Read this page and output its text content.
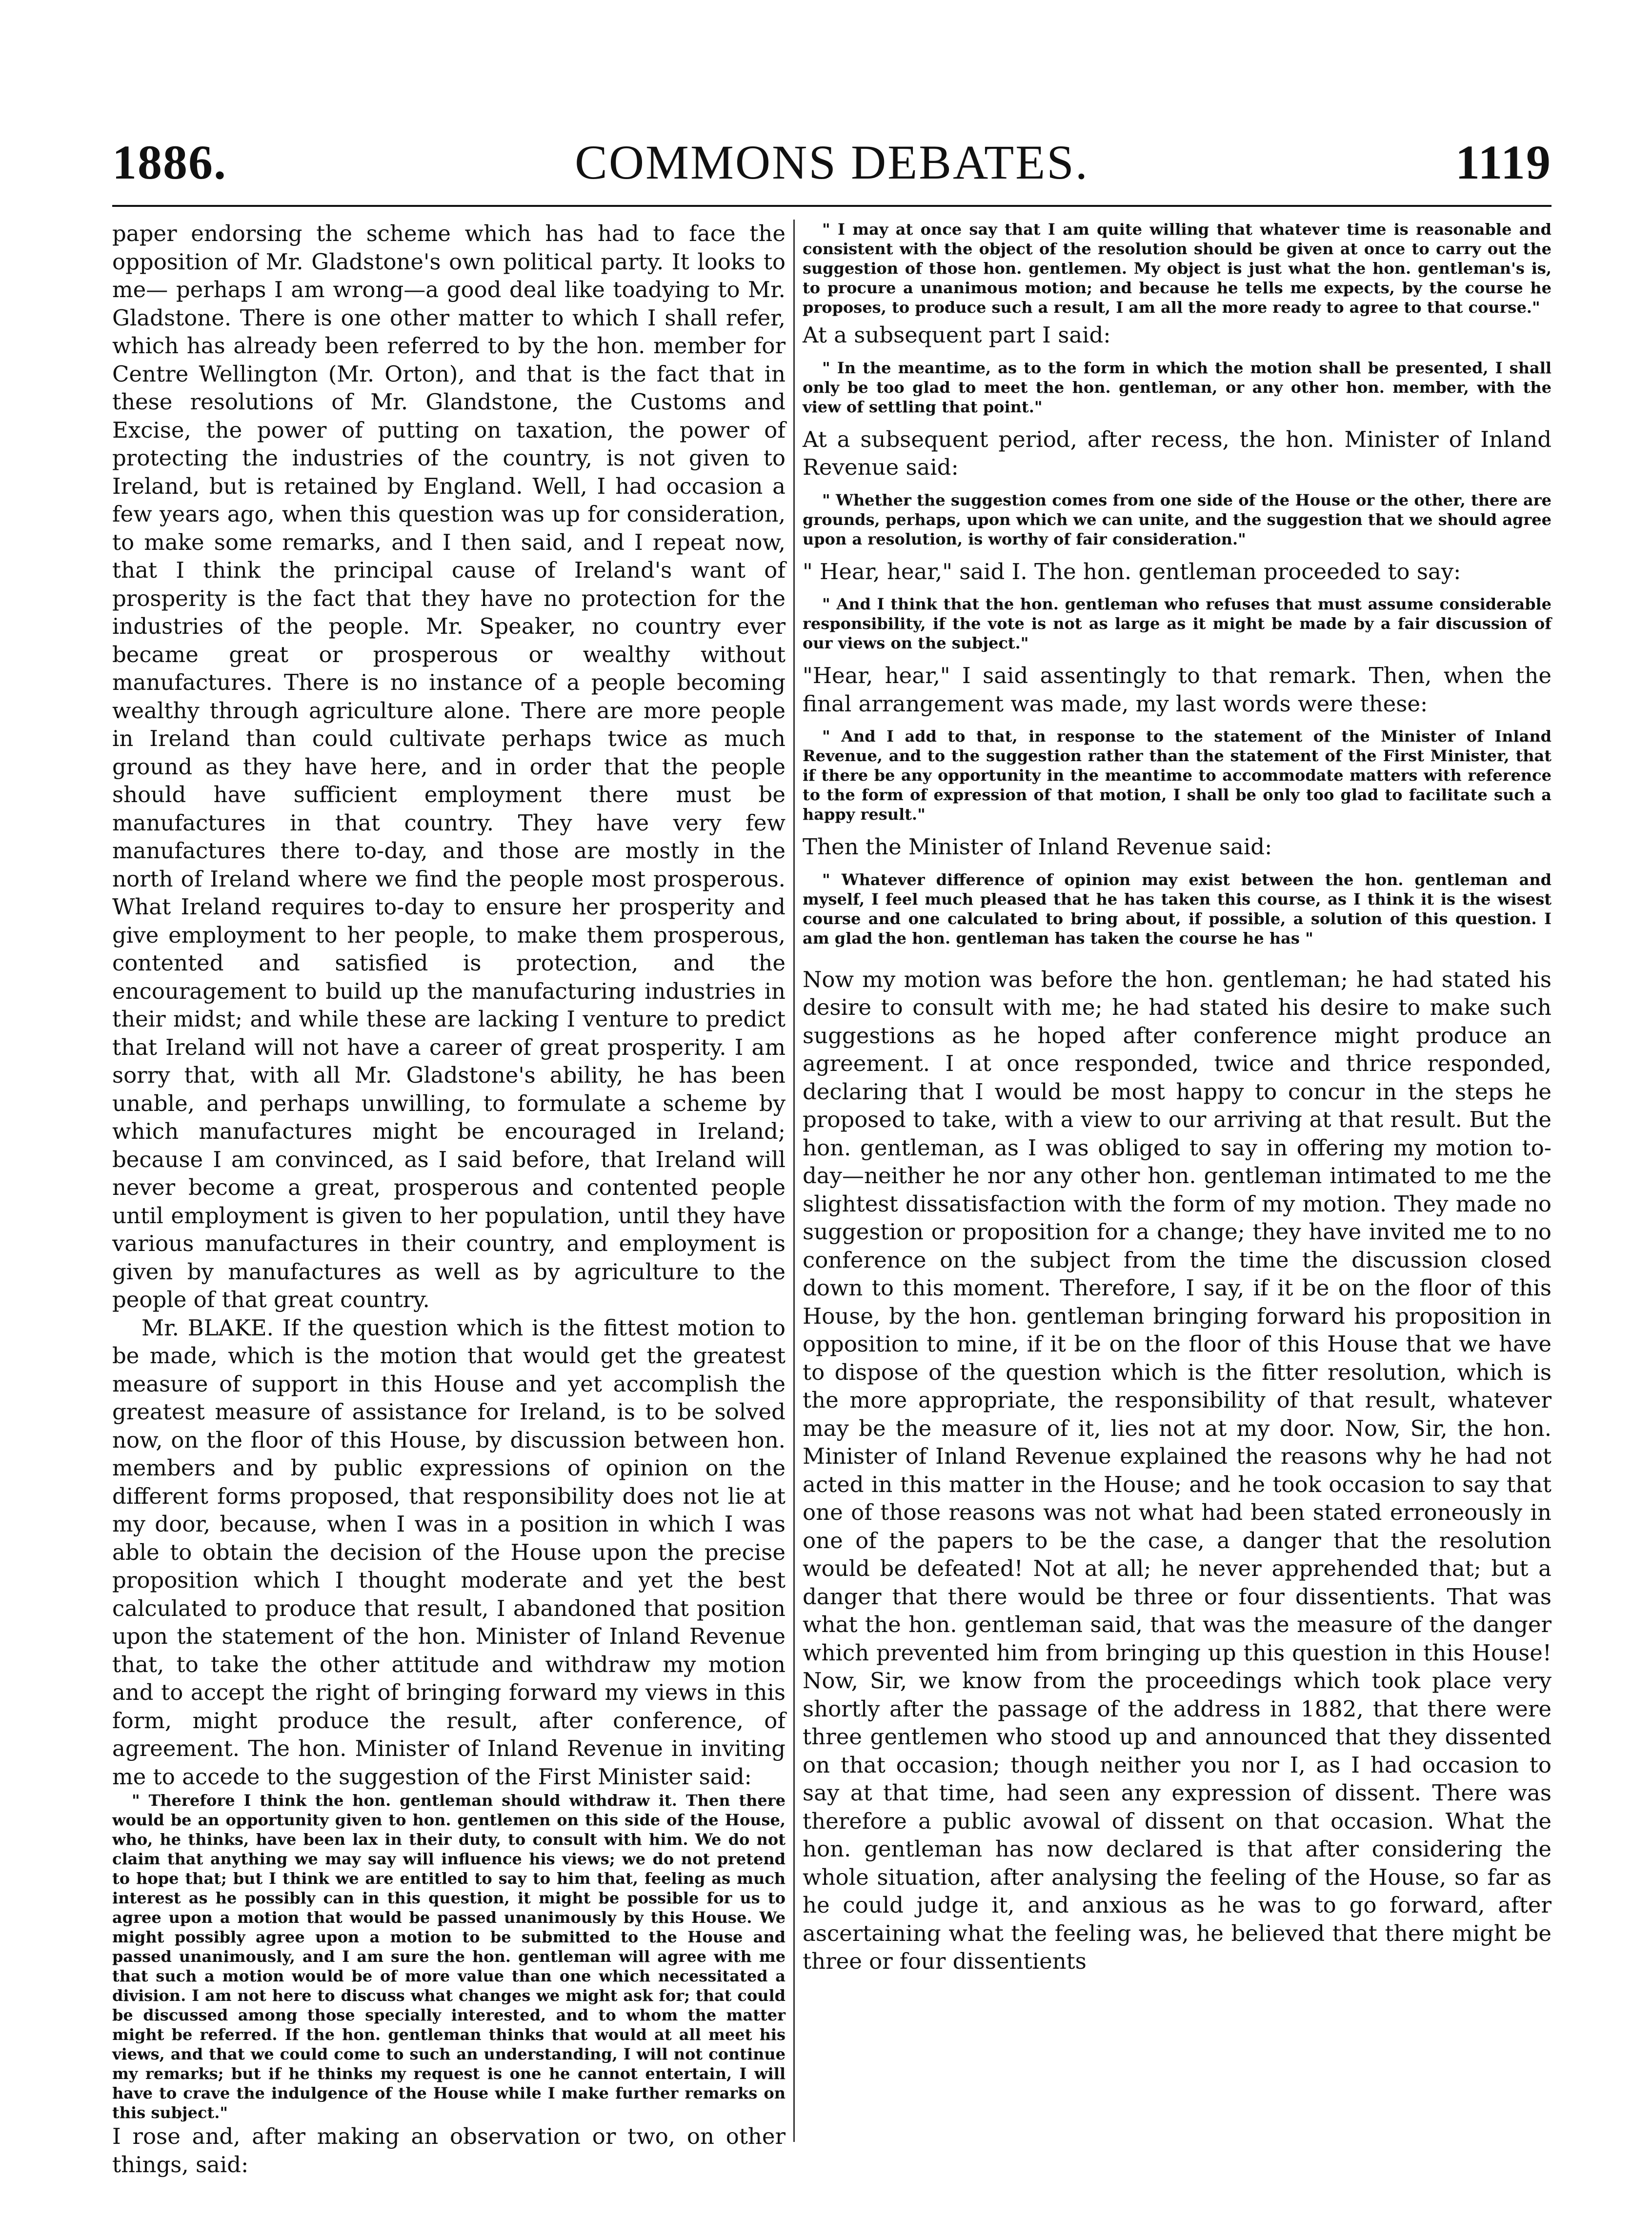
1886.	COMMONS DEBATES.	1119

paper endorsing the scheme which has had to face the opposition of Mr. Gladstone's own political party. It looks to me— perhaps I am wrong—a good deal like toadying to Mr. Gladstone. There is one other matter to which I shall refer, which has already been referred to by the hon. member for Centre Wellington (Mr. Orton), and that is the fact that in these resolutions of Mr. Glandstone, the Customs and Excise, the power of putting on taxation, the power of protecting the industries of the country, is not given to Ireland, but is retained by England. Well, I had occasion a few years ago, when this question was up for consideration, to make some remarks, and I then said, and I repeat now, that I think the principal cause of Ireland's want of prosperity is the fact that they have no protection for the industries of the people. Mr. Speaker, no country ever became great or prosperous or wealthy without manufactures. There is no instance of a people becoming wealthy through agriculture alone. There are more people in Ireland than could cultivate perhaps twice as much ground as they have here, and in order that the people should have sufficient employment there must be manufactures in that country. They have very few manufactures there to-day, and those are mostly in the north of Ireland where we find the people most prosperous. What Ireland requires to-day to ensure her prosperity and give employment to her people, to make them prosperous, contented and satisfied is protection, and the encouragement to build up the manufacturing industries in their midst; and while these are lacking I venture to predict that Ireland will not have a career of great prosperity. I am sorry that, with all Mr. Gladstone's ability, he has been unable, and perhaps unwilling, to formulate a scheme by which manufactures might be encouraged in Ireland; because I am convinced, as I said before, that Ireland will never become a great, prosperous and contented people until employment is given to her population, until they have various manufactures in their country, and employment is given by manufactures as well as by agriculture to the people of that great country.

Mr. BLAKE. If the question which is the fittest motion to be made, which is the motion that would get the greatest measure of support in this House and yet accomplish the greatest measure of assistance for Ireland, is to be solved now, on the floor of this House, by discussion between hon. members and by public expressions of opinion on the different forms proposed, that responsibility does not lie at my door, because, when I was in a position in which I was able to obtain the decision of the House upon the precise proposition which I thought moderate and yet the best calculated to produce that result, I abandoned that position upon the statement of the hon. Minister of Inland Revenue that, to take the other attitude and withdraw my motion and to accept the right of bringing forward my views in this form, might produce the result, after conference, of agreement. The hon. Minister of Inland Revenue in inviting me to accede to the suggestion of the First Minister said:

" Therefore I think the hon. gentleman should withdraw it. Then there would be an opportunity given to hon. gentlemen on this side of the House, who, he thinks, have been lax in their duty, to consult with him. We do not claim that anything we may say will influence his views; we do not pretend to hope that; but I think we are entitled to say to him that, feeling as much interest as he possibly can in this question, it might be possible for us to agree upon a motion that would be passed unanimously by this House. We might possibly agree upon a motion to be submitted to the House and passed unanimously, and I am sure the hon. gentleman will agree with me that such a motion would be of more value than one which necessitated a division. I am not here to discuss what changes we might ask for; that could be discussed among those specially interested, and to whom the matter might be referred. If the hon. gentleman thinks that would at all meet his views, and that we could come to such an understanding, I will not continue my remarks; but if he thinks my request is one he cannot entertain, I will have to crave the indulgence of the House while I make further remarks on this subject."

I rose and, after making an observation or two, on other things, said:

" I may at once say that I am quite willing that whatever time is reasonable and consistent with the object of the resolution should be given at once to carry out the suggestion of those hon. gentlemen. My object is just what the hon. gentleman's is, to procure a unanimous motion; and because he tells me expects, by the course he proposes, to produce such a result, I am all the more ready to agree to that course."

At a subsequent part I said:

" In the meantime, as to the form in which the motion shall be presented, I shall only be too glad to meet the hon. gentleman, or any other hon. member, with the view of settling that point."

At a subsequent period, after recess, the hon. Minister of Inland Revenue said:

" Whether the suggestion comes from one side of the House or the other, there are grounds, perhaps, upon which we can unite, and the suggestion that we should agree upon a resolution, is worthy of fair consideration."

" Hear, hear," said I. The hon. gentleman proceeded to say:

" And I think that the hon. gentleman who refuses that must assume considerable responsibility, if the vote is not as large as it might be made by a fair discussion of our views on the subject."

"Hear, hear," I said assentingly to that remark. Then, when the final arrangement was made, my last words were these:

" And I add to that, in response to the statement of the Minister of Inland Revenue, and to the suggestion rather than the statement of the First Minister, that if there be any opportunity in the meantime to accommodate matters with reference to the form of expression of that motion, I shall be only too glad to facilitate such a happy result."

Then the Minister of Inland Revenue said:

" Whatever difference of opinion may exist between the hon. gentleman and myself, I feel much pleased that he has taken this course, as I think it is the wisest course and one calculated to bring about, if possible, a solution of this question. I am glad the hon. gentleman has taken the course he has "

Now my motion was before the hon. gentleman; he had stated his desire to consult with me; he had stated his desire to make such suggestions as he hoped after conference might produce an agreement. I at once responded, twice and thrice responded, declaring that I would be most happy to concur in the steps he proposed to take, with a view to our arriving at that result. But the hon. gentleman, as I was obliged to say in offering my motion to-day—neither he nor any other hon. gentleman intimated to me the slightest dissatisfaction with the form of my motion. They made no suggestion or proposition for a change; they have invited me to no conference on the subject from the time the discussion closed down to this moment. Therefore, I say, if it be on the floor of this House, by the hon. gentleman bringing forward his proposition in opposition to mine, if it be on the floor of this House that we have to dispose of the question which is the fitter resolution, which is the more appropriate, the responsibility of that result, whatever may be the measure of it, lies not at my door. Now, Sir, the hon. Minister of Inland Revenue explained the reasons why he had not acted in this matter in the House; and he took occasion to say that one of those reasons was not what had been stated erroneously in one of the papers to be the case, a danger that the resolution would be defeated! Not at all; he never apprehended that; but a danger that there would be three or four dissentients. That was what the hon. gentleman said, that was the measure of the danger which prevented him from bringing up this question in this House! Now, Sir, we know from the proceedings which took place very shortly after the passage of the address in 1882, that there were three gentlemen who stood up and announced that they dissented on that occasion; though neither you nor I, as I had occasion to say at that time, had seen any expression of dissent. There was therefore a public avowal of dissent on that occasion. What the hon. gentleman has now declared is that after considering the whole situation, after analysing the feeling of the House, so far as he could judge it, and anxious as he was to go forward, after ascertaining what the feeling was, he believed that there might be three or four dissentients
